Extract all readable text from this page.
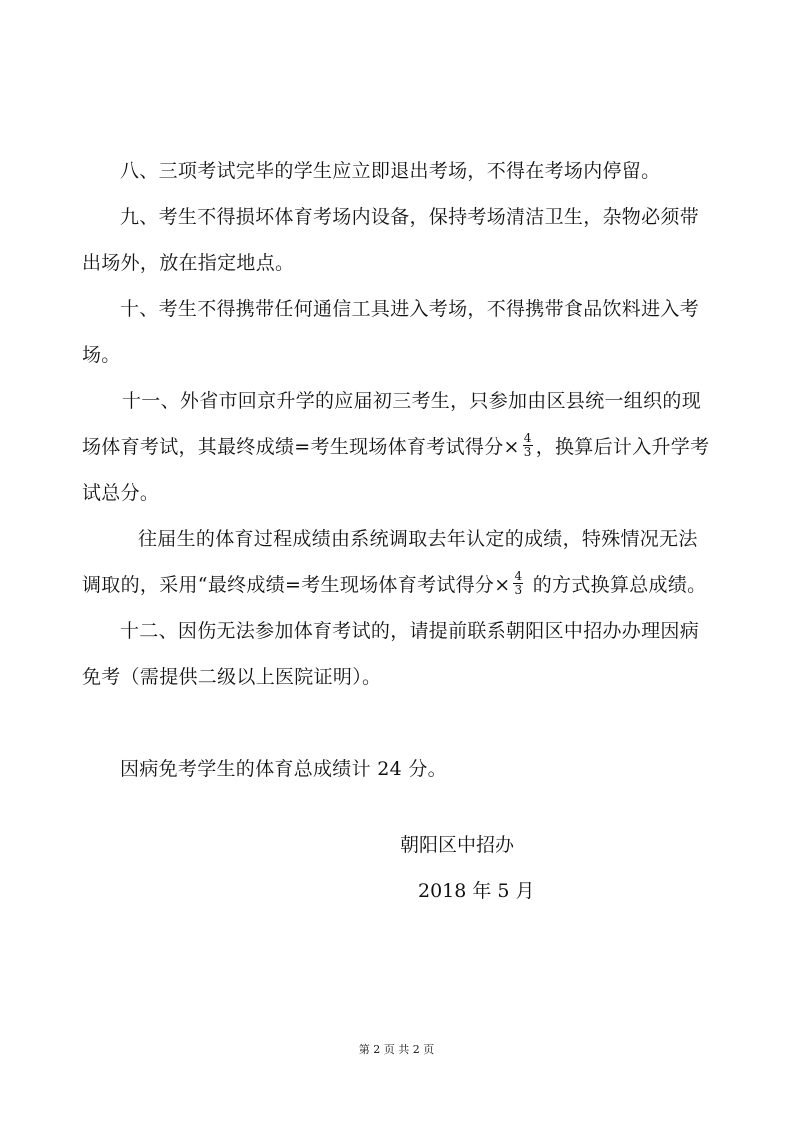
八、三项考试完毕的学生应立即退出考场，不得在考场内停留。

九、考生不得损坏体育考场内设备，保持考场清洁卫生，杂物必须带出场外，放在指定地点。

十、考生不得携带任何通信工具进入考场，不得携带食品饮料进入考场。

十一、外省市回京升学的应届初三考生，只参加由区县统一组织的现场体育考试，其最终成绩=考生现场体育考试得分× $\frac{4}{3}$ ，换算后计入升学考试总分。

往届生的体育过程成绩由系统调取去年认定的成绩，特殊情况无法调取的，采用“最终成绩=考生现场体育考试得分× $\frac{4}{3}$ 的方式换算总成绩。

十二、因伤无法参加体育考试的，请提前联系朝阳区中招办办理因病免考（需提供二级以上医院证明）。

因病免考学生的体育总成绩计 24 分。

朝阳区中招办
2018 年 5 月
第 2 页 共 2 页
